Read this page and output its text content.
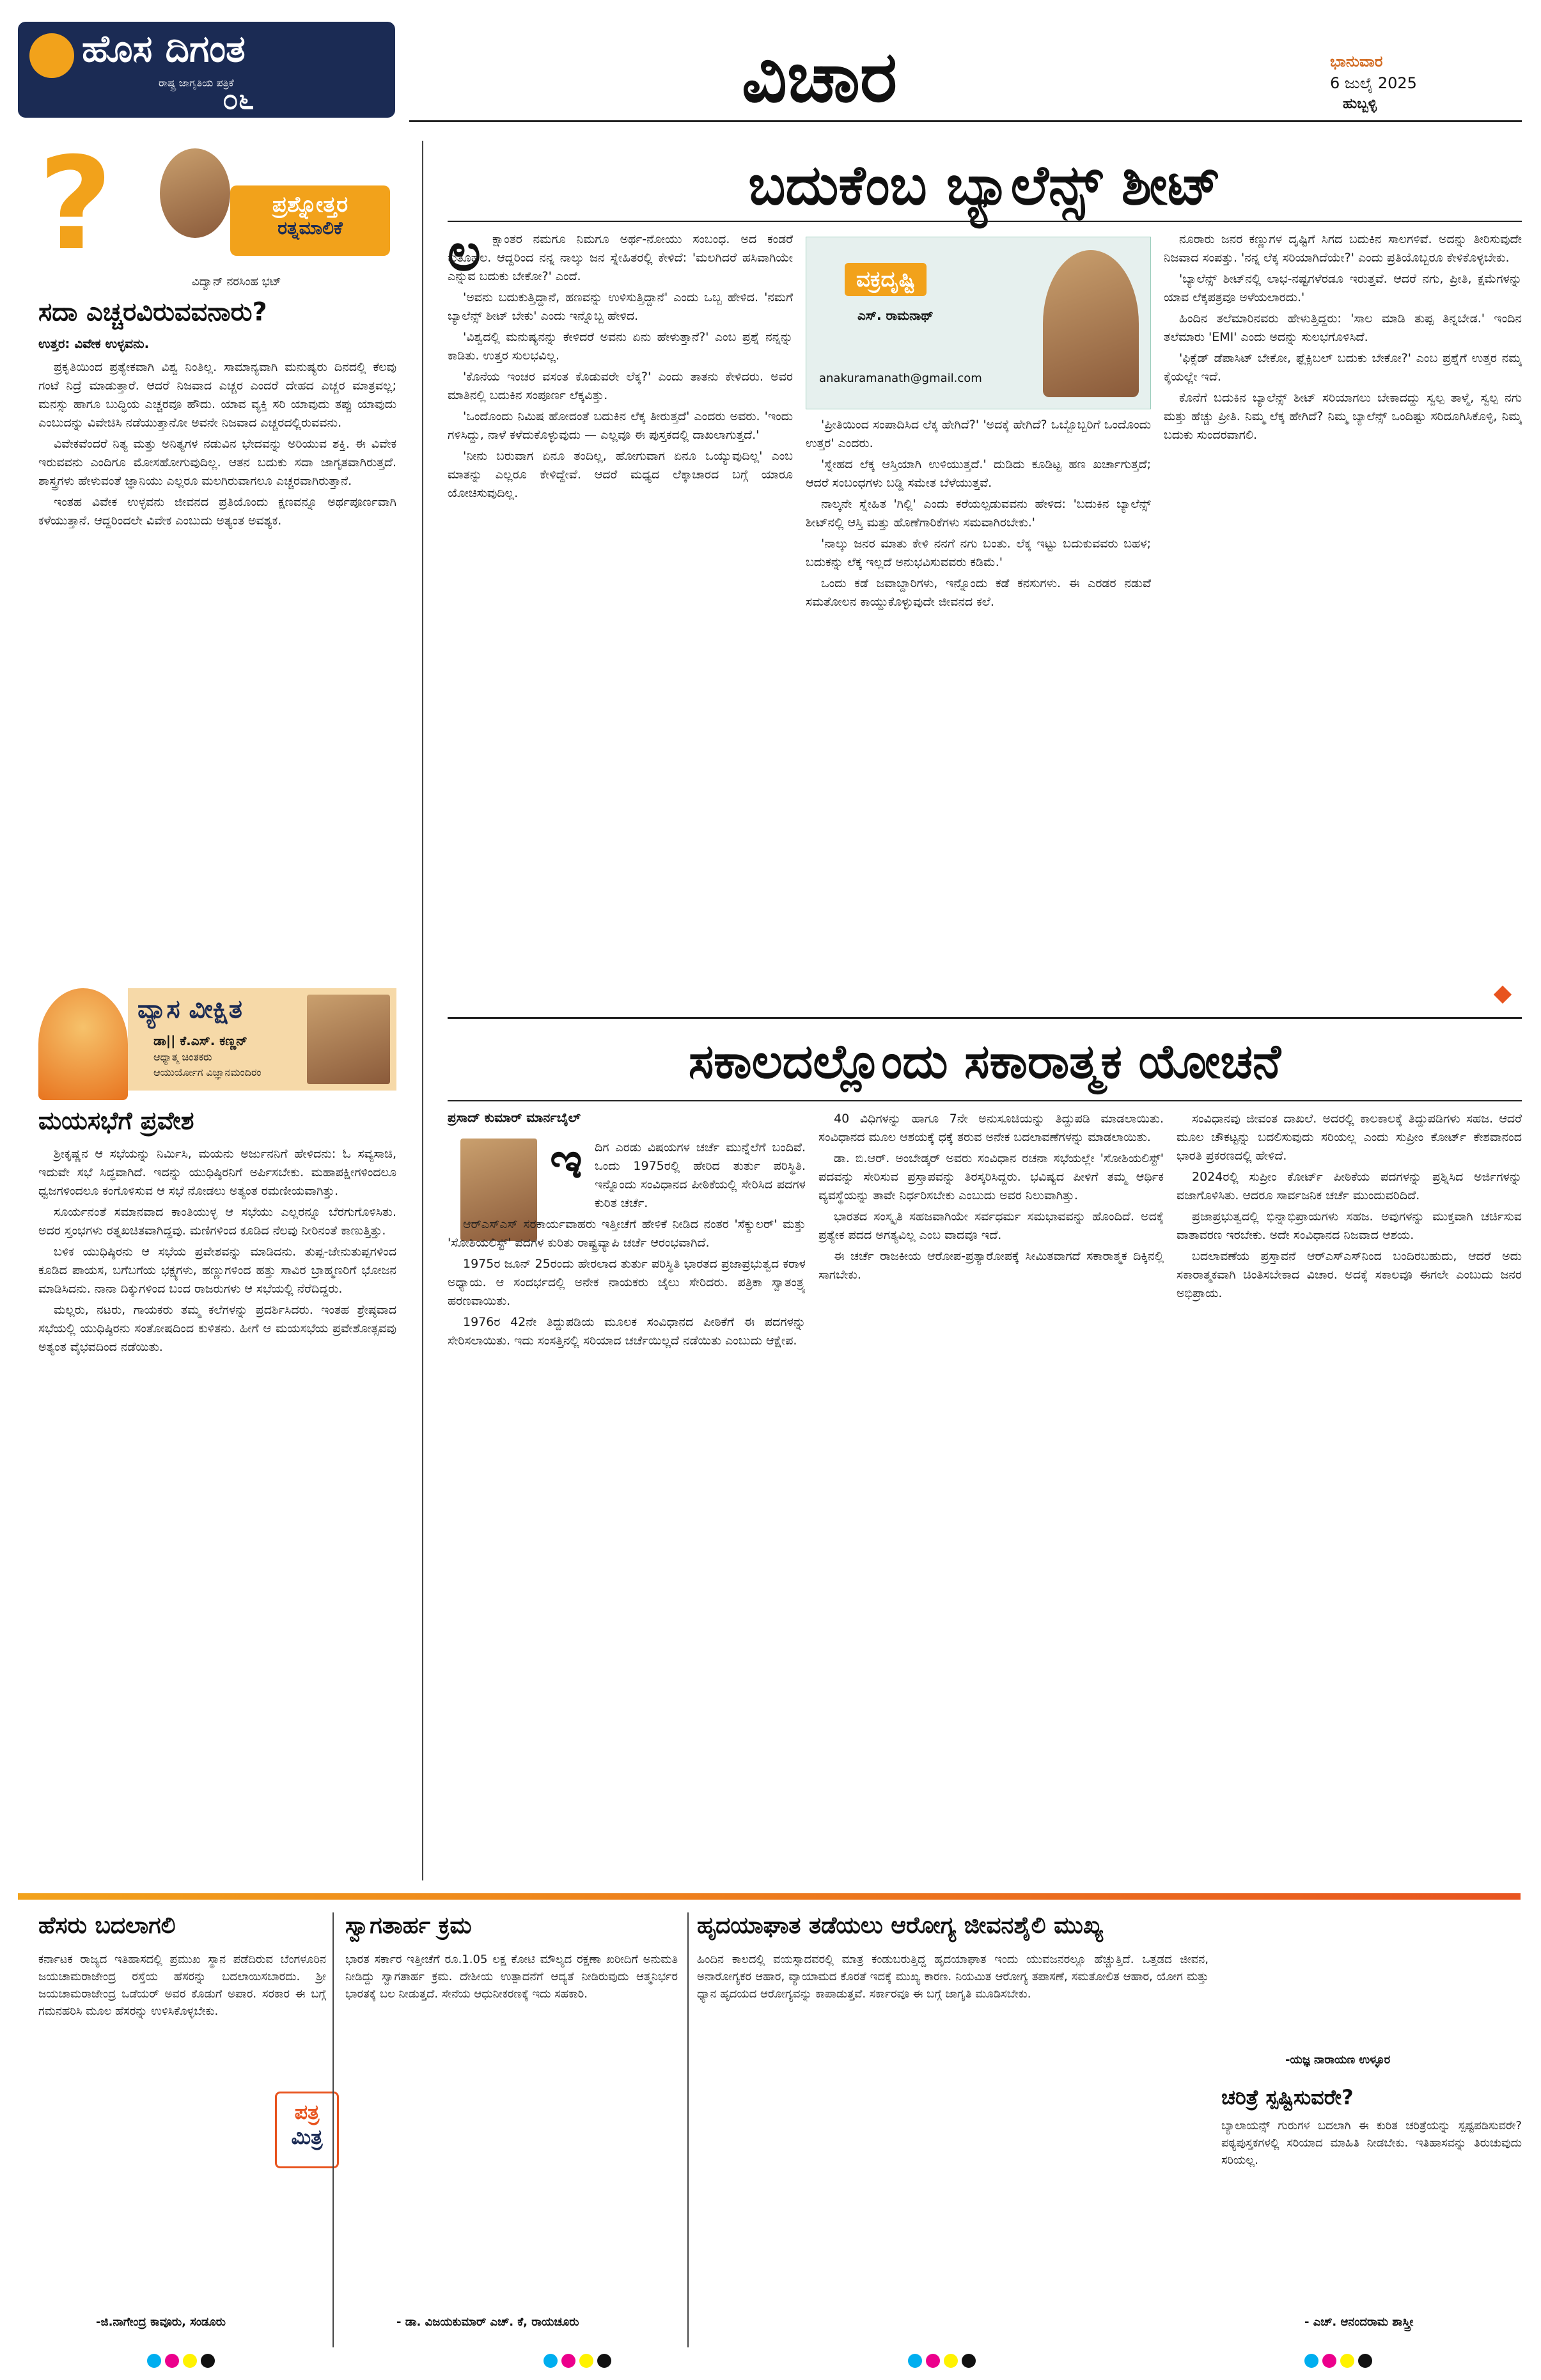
ಹೊಸ ದಿಗಂತ
ರಾಷ್ಟ್ರ ಜಾಗೃತಿಯ ಪತ್ರಿಕೆ
೦೬	ವಿಚಾರ	ಭಾನುವಾರ
6 ಜುಲೈ 2025
ಹುಬ್ಬಳ್ಳಿ
?	ಪ್ರಶ್ನೋತ್ತರ
ರತ್ನಮಾಲಿಕೆ
ವಿದ್ವಾನ್ ನರಸಿಂಹ ಭಟ್
ಸದಾ ಎಚ್ಚರವಿರುವವನಾರು?
ಉತ್ತರ: ವಿವೇಕ ಉಳ್ಳವನು.

ಪ್ರಕೃತಿಯಿಂದ ಪ್ರತ್ಯೇಕವಾಗಿ ವಿಶ್ವ ನಿಂತಿಲ್ಲ. ಸಾಮಾನ್ಯವಾಗಿ ಮನುಷ್ಯರು ದಿನದಲ್ಲಿ ಕೆಲವು ಗಂಟೆ ನಿದ್ರೆ ಮಾಡುತ್ತಾರೆ. ಆದರೆ ನಿಜವಾದ ಎಚ್ಚರ ಎಂದರೆ ದೇಹದ ಎಚ್ಚರ ಮಾತ್ರವಲ್ಲ; ಮನಸ್ಸು ಹಾಗೂ ಬುದ್ಧಿಯ ಎಚ್ಚರವೂ ಹೌದು. ಯಾವ ವ್ಯಕ್ತಿ ಸರಿ ಯಾವುದು ತಪ್ಪು ಯಾವುದು ಎಂಬುದನ್ನು ವಿವೇಚಿಸಿ ನಡೆಯುತ್ತಾನೋ ಅವನೇ ನಿಜವಾದ ಎಚ್ಚರದಲ್ಲಿರುವವನು.

ವಿವೇಕವೆಂದರೆ ನಿತ್ಯ ಮತ್ತು ಅನಿತ್ಯಗಳ ನಡುವಿನ ಭೇದವನ್ನು ಅರಿಯುವ ಶಕ್ತಿ. ಈ ವಿವೇಕ ಇರುವವನು ಎಂದಿಗೂ ಮೋಸಹೋಗುವುದಿಲ್ಲ. ಆತನ ಬದುಕು ಸದಾ ಜಾಗೃತವಾಗಿರುತ್ತದೆ. ಶಾಸ್ತ್ರಗಳು ಹೇಳುವಂತೆ ಜ್ಞಾನಿಯು ಎಲ್ಲರೂ ಮಲಗಿರುವಾಗಲೂ ಎಚ್ಚರವಾಗಿರುತ್ತಾನೆ.

ಇಂತಹ ವಿವೇಕ ಉಳ್ಳವನು ಜೀವನದ ಪ್ರತಿಯೊಂದು ಕ್ಷಣವನ್ನೂ ಅರ್ಥಪೂರ್ಣವಾಗಿ ಕಳೆಯುತ್ತಾನೆ. ಆದ್ದರಿಂದಲೇ ವಿವೇಕ ಎಂಬುದು ಅತ್ಯಂತ ಅವಶ್ಯಕ.

ವ್ಯಾಸ ವೀಕ್ಷಿತ
ಡಾ|| ಕೆ.ಎಸ್. ಕಣ್ಣನ್
ಆಧ್ಯಾತ್ಮ ಚಿಂತಕರು
ಆಯುರ್ಯೋಗ ವಿಜ್ಞಾನಮಂದಿರಂ
ಮಯಸಭೆಗೆ ಪ್ರವೇಶ

ಶ್ರೀಕೃಷ್ಣನ ಆ ಸಭೆಯನ್ನು ನಿರ್ಮಿಸಿ, ಮಯನು ಅರ್ಜುನನಿಗೆ ಹೇಳಿದನು: ಓ ಸವ್ಯಸಾಚಿ, ಇದುವೇ ಸಭೆ ಸಿದ್ಧವಾಗಿದೆ. ಇದನ್ನು ಯುಧಿಷ್ಠಿರನಿಗೆ ಅರ್ಪಿಸಬೇಕು. ಮಹಾಪಕ್ಷೀಗಳಿಂದಲೂ ಧ್ವಜಗಳಿಂದಲೂ ಕಂಗೊಳಿಸುವ ಆ ಸಭೆ ನೋಡಲು ಅತ್ಯಂತ ರಮಣೀಯವಾಗಿತ್ತು.

ಸೂರ್ಯನಂತೆ ಸಮಾನವಾದ ಕಾಂತಿಯುಳ್ಳ ಆ ಸಭೆಯು ಎಲ್ಲರನ್ನೂ ಬೆರಗುಗೊಳಿಸಿತು. ಅದರ ಸ್ತಂಭಗಳು ರತ್ನಖಚಿತವಾಗಿದ್ದವು. ಮಣಿಗಳಿಂದ ಕೂಡಿದ ನೆಲವು ನೀರಿನಂತೆ ಕಾಣುತ್ತಿತ್ತು.

ಬಳಿಕ ಯುಧಿಷ್ಠಿರನು ಆ ಸಭೆಯ ಪ್ರವೇಶವನ್ನು ಮಾಡಿದನು. ತುಪ್ಪ-ಜೇನುತುಪ್ಪಗಳಿಂದ ಕೂಡಿದ ಪಾಯಸ, ಬಗೆಬಗೆಯ ಭಕ್ಷ್ಯಗಳು, ಹಣ್ಣುಗಳಿಂದ ಹತ್ತು ಸಾವಿರ ಬ್ರಾಹ್ಮಣರಿಗೆ ಭೋಜನ ಮಾಡಿಸಿದನು. ನಾನಾ ದಿಕ್ಕುಗಳಿಂದ ಬಂದ ರಾಜರುಗಳು ಆ ಸಭೆಯಲ್ಲಿ ನೆರೆದಿದ್ದರು.

ಮಲ್ಲರು, ನಟರು, ಗಾಯಕರು ತಮ್ಮ ಕಲೆಗಳನ್ನು ಪ್ರದರ್ಶಿಸಿದರು. ಇಂತಹ ಶ್ರೇಷ್ಠವಾದ ಸಭೆಯಲ್ಲಿ ಯುಧಿಷ್ಠಿರನು ಸಂತೋಷದಿಂದ ಕುಳಿತನು. ಹೀಗೆ ಆ ಮಯಸಭೆಯ ಪ್ರವೇಶೋತ್ಸವವು ಅತ್ಯಂತ ವೈಭವದಿಂದ ನಡೆಯಿತು.

ಬದುಕೆಂಬ ಬ್ಯಾಲೆನ್ಸ್ ಶೀಟ್
ಲ ಕ್ಷಾಂತರ ನಮಗೂ ನಿಮಗೂ ಅರ್ಥ-ನೋಯು ಸಂಬಂಧ. ಅದ ಕಂಡರೆ ಕುತೂಹಲ. ಆದ್ದರಿಂದ ನನ್ನ ನಾಲ್ಕು ಜನ ಸ್ನೇಹಿತರಲ್ಲಿ ಕೇಳಿದೆ: 'ಮಲಗಿದರೆ ಹಸಿವಾಗಿಯೇ ಎನ್ನುವ ಬದುಕು ಬೇಕೋ?' ಎಂದೆ.

'ಅವನು ಬದುಕುತ್ತಿದ್ದಾನೆ, ಹಣವನ್ನು ಉಳಿಸುತ್ತಿದ್ದಾನೆ' ಎಂದು ಒಬ್ಬ ಹೇಳಿದ. 'ನಮಗೆ ಬ್ಯಾಲೆನ್ಸ್ ಶೀಟ್ ಬೇಕು' ಎಂದು ಇನ್ನೊಬ್ಬ ಹೇಳಿದ.

'ವಿಶ್ವದಲ್ಲಿ ಮನುಷ್ಯನನ್ನು ಕೇಳಿದರೆ ಅವನು ಏನು ಹೇಳುತ್ತಾನೆ?' ಎಂಬ ಪ್ರಶ್ನೆ ನನ್ನನ್ನು ಕಾಡಿತು. ಉತ್ತರ ಸುಲಭವಿಲ್ಲ.

'ಕೊನೆಯ ಇಂಚರ ವಸಂತ ಕೊಡುವರೇ ಲೆಕ್ಕ?' ಎಂದು ತಾತನು ಕೇಳಿದರು. ಅವರ ಮಾತಿನಲ್ಲಿ ಬದುಕಿನ ಸಂಪೂರ್ಣ ಲೆಕ್ಕವಿತ್ತು.

'ಒಂದೊಂದು ನಿಮಿಷ ಹೋದಂತೆ ಬದುಕಿನ ಲೆಕ್ಕ ತೀರುತ್ತದೆ' ಎಂದರು ಅವರು. 'ಇಂದು ಗಳಿಸಿದ್ದು, ನಾಳೆ ಕಳೆದುಕೊಳ್ಳುವುದು — ಎಲ್ಲವೂ ಈ ಪುಸ್ತಕದಲ್ಲಿ ದಾಖಲಾಗುತ್ತದೆ.'

'ನೀನು ಬರುವಾಗ ಏನೂ ತಂದಿಲ್ಲ, ಹೋಗುವಾಗ ಏನೂ ಒಯ್ಯುವುದಿಲ್ಲ' ಎಂಬ ಮಾತನ್ನು ಎಲ್ಲರೂ ಕೇಳಿದ್ದೇವೆ. ಆದರೆ ಮಧ್ಯದ ಲೆಕ್ಕಾಚಾರದ ಬಗ್ಗೆ ಯಾರೂ ಯೋಚಿಸುವುದಿಲ್ಲ.

ವಕ್ರದೃಷ್ಟಿ
ಎಸ್. ರಾಮನಾಥ್
anakuramanath@gmail.com

'ಪ್ರೀತಿಯಿಂದ ಸಂಪಾದಿಸಿದ ಲೆಕ್ಕ ಹೇಗಿದೆ?' 'ಅದಕ್ಕೆ ಹೇಗಿದೆ? ಒಬ್ಬೊಬ್ಬರಿಗೆ ಒಂದೊಂದು ಉತ್ತರ' ಎಂದರು.

'ಸ್ನೇಹದ ಲೆಕ್ಕ ಆಸ್ತಿಯಾಗಿ ಉಳಿಯುತ್ತದೆ.' ದುಡಿದು ಕೂಡಿಟ್ಟ ಹಣ ಖರ್ಚಾಗುತ್ತದೆ; ಆದರೆ ಸಂಬಂಧಗಳು ಬಡ್ಡಿ ಸಮೇತ ಬೆಳೆಯುತ್ತವೆ.

ನಾಲ್ಕನೇ ಸ್ನೇಹಿತ 'ಗಿಲ್ಲಿ' ಎಂದು ಕರೆಯಲ್ಪಡುವವನು ಹೇಳಿದ: 'ಬದುಕಿನ ಬ್ಯಾಲೆನ್ಸ್ ಶೀಟ್‌ನಲ್ಲಿ ಆಸ್ತಿ ಮತ್ತು ಹೊಣೆಗಾರಿಕೆಗಳು ಸಮವಾಗಿರಬೇಕು.'

'ನಾಲ್ಕು ಜನರ ಮಾತು ಕೇಳಿ ನನಗೆ ನಗು ಬಂತು. ಲೆಕ್ಕ ಇಟ್ಟು ಬದುಕುವವರು ಬಹಳ; ಬದುಕನ್ನು ಲೆಕ್ಕ ಇಲ್ಲದೆ ಅನುಭವಿಸುವವರು ಕಡಿಮೆ.'

ಒಂದು ಕಡೆ ಜವಾಬ್ದಾರಿಗಳು, ಇನ್ನೊಂದು ಕಡೆ ಕನಸುಗಳು. ಈ ಎರಡರ ನಡುವೆ ಸಮತೋಲನ ಕಾಯ್ದುಕೊಳ್ಳುವುದೇ ಜೀವನದ ಕಲೆ.

ನೂರಾರು ಜನರ ಕಣ್ಣುಗಳ ದೃಷ್ಟಿಗೆ ಸಿಗದ ಬದುಕಿನ ಸಾಲಗಳಿವೆ. ಅದನ್ನು ತೀರಿಸುವುದೇ ನಿಜವಾದ ಸಂಪತ್ತು. 'ನನ್ನ ಲೆಕ್ಕ ಸರಿಯಾಗಿದೆಯೇ?' ಎಂದು ಪ್ರತಿಯೊಬ್ಬರೂ ಕೇಳಿಕೊಳ್ಳಬೇಕು.

'ಬ್ಯಾಲೆನ್ಸ್ ಶೀಟ್‌ನಲ್ಲಿ ಲಾಭ-ನಷ್ಟಗಳೆರಡೂ ಇರುತ್ತವೆ. ಆದರೆ ನಗು, ಪ್ರೀತಿ, ಕ್ಷಮೆಗಳನ್ನು ಯಾವ ಲೆಕ್ಕಪತ್ರವೂ ಅಳೆಯಲಾರದು.'

ಹಿಂದಿನ ತಲೆಮಾರಿನವರು ಹೇಳುತ್ತಿದ್ದರು: 'ಸಾಲ ಮಾಡಿ ತುಪ್ಪ ತಿನ್ನಬೇಡ.' ಇಂದಿನ ತಲೆಮಾರು 'EMI' ಎಂದು ಅದನ್ನು ಸುಲಭಗೊಳಿಸಿದೆ.

'ಫಿಕ್ಸೆಡ್ ಡೆಪಾಸಿಟ್ ಬೇಕೋ, ಫ್ಲೆಕ್ಸಿಬಲ್ ಬದುಕು ಬೇಕೋ?' ಎಂಬ ಪ್ರಶ್ನೆಗೆ ಉತ್ತರ ನಮ್ಮ ಕೈಯಲ್ಲೇ ಇದೆ.

ಕೊನೆಗೆ ಬದುಕಿನ ಬ್ಯಾಲೆನ್ಸ್ ಶೀಟ್ ಸರಿಯಾಗಲು ಬೇಕಾದದ್ದು ಸ್ವಲ್ಪ ತಾಳ್ಮೆ, ಸ್ವಲ್ಪ ನಗು ಮತ್ತು ಹೆಚ್ಚು ಪ್ರೀತಿ. ನಿಮ್ಮ ಲೆಕ್ಕ ಹೇಗಿದೆ? ನಿಮ್ಮ ಬ್ಯಾಲೆನ್ಸ್ ಒಂದಿಷ್ಟು ಸರಿದೂಗಿಸಿಕೊಳ್ಳಿ, ನಿಮ್ಮ ಬದುಕು ಸುಂದರವಾಗಲಿ.

ಸಕಾಲದಲ್ಲೊಂದು ಸಕಾರಾತ್ಮಕ ಯೋಚನೆ
ಪ್ರಸಾದ್ ಕುಮಾರ್ ಮಾರ್ನಬೈಲ್
ಇ ದಿಗ ಎರಡು ವಿಷಯಗಳ ಚರ್ಚೆ ಮುನ್ನೆಲೆಗೆ ಬಂದಿವೆ. ಒಂದು 1975ರಲ್ಲಿ ಹೇರಿದ ತುರ್ತು ಪರಿಸ್ಥಿತಿ. ಇನ್ನೊಂದು ಸಂವಿಧಾನದ ಪೀಠಿಕೆಯಲ್ಲಿ ಸೇರಿಸಿದ ಪದಗಳ ಕುರಿತ ಚರ್ಚೆ.

ಆರ್‌ಎಸ್‌ಎಸ್ ಸರಕಾರ್ಯವಾಹರು ಇತ್ತೀಚೆಗೆ ಹೇಳಿಕೆ ನೀಡಿದ ನಂತರ 'ಸೆಕ್ಯುಲರ್' ಮತ್ತು 'ಸೋಶಿಯಲಿಸ್ಟ್' ಪದಗಳ ಕುರಿತು ರಾಷ್ಟ್ರವ್ಯಾಪಿ ಚರ್ಚೆ ಆರಂಭವಾಗಿದೆ.

1975ರ ಜೂನ್ 25ರಂದು ಹೇರಲಾದ ತುರ್ತು ಪರಿಸ್ಥಿತಿ ಭಾರತದ ಪ್ರಜಾಪ್ರಭುತ್ವದ ಕರಾಳ ಅಧ್ಯಾಯ. ಆ ಸಂದರ್ಭದಲ್ಲಿ ಅನೇಕ ನಾಯಕರು ಜೈಲು ಸೇರಿದರು. ಪತ್ರಿಕಾ ಸ್ವಾತಂತ್ರ್ಯ ಹರಣವಾಯಿತು.

1976ರ 42ನೇ ತಿದ್ದುಪಡಿಯ ಮೂಲಕ ಸಂವಿಧಾನದ ಪೀಠಿಕೆಗೆ ಈ ಪದಗಳನ್ನು ಸೇರಿಸಲಾಯಿತು. ಇದು ಸಂಸತ್ತಿನಲ್ಲಿ ಸರಿಯಾದ ಚರ್ಚೆಯಿಲ್ಲದೆ ನಡೆಯಿತು ಎಂಬುದು ಆಕ್ಷೇಪ.

40 ವಿಧಿಗಳನ್ನು ಹಾಗೂ 7ನೇ ಅನುಸೂಚಿಯನ್ನು ತಿದ್ದುಪಡಿ ಮಾಡಲಾಯಿತು. ಸಂವಿಧಾನದ ಮೂಲ ಆಶಯಕ್ಕೆ ಧಕ್ಕೆ ತರುವ ಅನೇಕ ಬದಲಾವಣೆಗಳನ್ನು ಮಾಡಲಾಯಿತು.

ಡಾ. ಬಿ.ಆರ್. ಅಂಬೇಡ್ಕರ್ ಅವರು ಸಂವಿಧಾನ ರಚನಾ ಸಭೆಯಲ್ಲೇ 'ಸೋಶಿಯಲಿಸ್ಟ್' ಪದವನ್ನು ಸೇರಿಸುವ ಪ್ರಸ್ತಾಪವನ್ನು ತಿರಸ್ಕರಿಸಿದ್ದರು. ಭವಿಷ್ಯದ ಪೀಳಿಗೆ ತಮ್ಮ ಆರ್ಥಿಕ ವ್ಯವಸ್ಥೆಯನ್ನು ತಾವೇ ನಿರ್ಧರಿಸಬೇಕು ಎಂಬುದು ಅವರ ನಿಲುವಾಗಿತ್ತು.

ಭಾರತದ ಸಂಸ್ಕೃತಿ ಸಹಜವಾಗಿಯೇ ಸರ್ವಧರ್ಮ ಸಮಭಾವವನ್ನು ಹೊಂದಿದೆ. ಅದಕ್ಕೆ ಪ್ರತ್ಯೇಕ ಪದದ ಅಗತ್ಯವಿಲ್ಲ ಎಂಬ ವಾದವೂ ಇದೆ.

ಈ ಚರ್ಚೆ ರಾಜಕೀಯ ಆರೋಪ-ಪ್ರತ್ಯಾರೋಪಕ್ಕೆ ಸೀಮಿತವಾಗದೆ ಸಕಾರಾತ್ಮಕ ದಿಕ್ಕಿನಲ್ಲಿ ಸಾಗಬೇಕು.

ಸಂವಿಧಾನವು ಜೀವಂತ ದಾಖಲೆ. ಅದರಲ್ಲಿ ಕಾಲಕಾಲಕ್ಕೆ ತಿದ್ದುಪಡಿಗಳು ಸಹಜ. ಆದರೆ ಮೂಲ ಚೌಕಟ್ಟನ್ನು ಬದಲಿಸುವುದು ಸರಿಯಲ್ಲ ಎಂದು ಸುಪ್ರೀಂ ಕೋರ್ಟ್ ಕೇಶವಾನಂದ ಭಾರತಿ ಪ್ರಕರಣದಲ್ಲಿ ಹೇಳಿದೆ.

2024ರಲ್ಲಿ ಸುಪ್ರೀಂ ಕೋರ್ಟ್ ಪೀಠಿಕೆಯ ಪದಗಳನ್ನು ಪ್ರಶ್ನಿಸಿದ ಅರ್ಜಿಗಳನ್ನು ವಜಾಗೊಳಿಸಿತು. ಆದರೂ ಸಾರ್ವಜನಿಕ ಚರ್ಚೆ ಮುಂದುವರಿದಿದೆ.

ಪ್ರಜಾಪ್ರಭುತ್ವದಲ್ಲಿ ಭಿನ್ನಾಭಿಪ್ರಾಯಗಳು ಸಹಜ. ಅವುಗಳನ್ನು ಮುಕ್ತವಾಗಿ ಚರ್ಚಿಸುವ ವಾತಾವರಣ ಇರಬೇಕು. ಅದೇ ಸಂವಿಧಾನದ ನಿಜವಾದ ಆಶಯ.

ಬದಲಾವಣೆಯ ಪ್ರಸ್ತಾವನೆ ಆರ್‌ಎಸ್‌ಎಸ್‌ನಿಂದ ಬಂದಿರಬಹುದು, ಆದರೆ ಅದು ಸಕಾರಾತ್ಮಕವಾಗಿ ಚಿಂತಿಸಬೇಕಾದ ವಿಚಾರ. ಅದಕ್ಕೆ ಸಕಾಲವೂ ಈಗಲೇ ಎಂಬುದು ಜನರ ಅಭಿಪ್ರಾಯ.

ಹೆಸರು ಬದಲಾಗಲಿ
ಕರ್ನಾಟಕ ರಾಜ್ಯದ ಇತಿಹಾಸದಲ್ಲಿ ಪ್ರಮುಖ ಸ್ಥಾನ ಪಡೆದಿರುವ ಬೆಂಗಳೂರಿನ ಜಯಚಾಮರಾಜೇಂದ್ರ ರಸ್ತೆಯ ಹೆಸರನ್ನು ಬದಲಾಯಿಸಬಾರದು. ಶ್ರೀ ಜಯಚಾಮರಾಜೇಂದ್ರ ಒಡೆಯರ್ ಅವರ ಕೊಡುಗೆ ಅಪಾರ. ಸರಕಾರ ಈ ಬಗ್ಗೆ ಗಮನಹರಿಸಿ ಮೂಲ ಹೆಸರನ್ನು ಉಳಿಸಿಕೊಳ್ಳಬೇಕು.
-ಜಿ.ನಾಗೇಂದ್ರ ಕಾವೂರು, ಸಂಡೂರು
ಪತ್ರ
ಮಿತ್ರ
ಸ್ವಾಗತಾರ್ಹ ಕ್ರಮ
ಭಾರತ ಸರ್ಕಾರ ಇತ್ತೀಚೆಗೆ ರೂ.1.05 ಲಕ್ಷ ಕೋಟಿ ಮೌಲ್ಯದ ರಕ್ಷಣಾ ಖರೀದಿಗೆ ಅನುಮತಿ ನೀಡಿದ್ದು ಸ್ವಾಗತಾರ್ಹ ಕ್ರಮ. ದೇಶೀಯ ಉತ್ಪಾದನೆಗೆ ಆದ್ಯತೆ ನೀಡಿರುವುದು ಆತ್ಮನಿರ್ಭರ ಭಾರತಕ್ಕೆ ಬಲ ನೀಡುತ್ತದೆ. ಸೇನೆಯ ಆಧುನೀಕರಣಕ್ಕೆ ಇದು ಸಹಕಾರಿ.
- ಡಾ. ವಿಜಯಕುಮಾರ್ ಎಚ್. ಕೆ, ರಾಯಚೂರು
ಹೃದಯಾಘಾತ ತಡೆಯಲು ಆರೋಗ್ಯ ಜೀವನಶೈಲಿ ಮುಖ್ಯ
ಹಿಂದಿನ ಕಾಲದಲ್ಲಿ ವಯಸ್ಸಾದವರಲ್ಲಿ ಮಾತ್ರ ಕಂಡುಬರುತ್ತಿದ್ದ ಹೃದಯಾಘಾತ ಇಂದು ಯುವಜನರಲ್ಲೂ ಹೆಚ್ಚುತ್ತಿದೆ. ಒತ್ತಡದ ಜೀವನ, ಅನಾರೋಗ್ಯಕರ ಆಹಾರ, ವ್ಯಾಯಾಮದ ಕೊರತೆ ಇದಕ್ಕೆ ಮುಖ್ಯ ಕಾರಣ. ನಿಯಮಿತ ಆರೋಗ್ಯ ತಪಾಸಣೆ, ಸಮತೋಲಿತ ಆಹಾರ, ಯೋಗ ಮತ್ತು ಧ್ಯಾನ ಹೃದಯದ ಆರೋಗ್ಯವನ್ನು ಕಾಪಾಡುತ್ತವೆ. ಸರ್ಕಾರವೂ ಈ ಬಗ್ಗೆ ಜಾಗೃತಿ ಮೂಡಿಸಬೇಕು.
-ಯಜ್ಞ ನಾರಾಯಣ ಉಳ್ಳೂರ
ಚರಿತ್ರೆ ಸ್ಪಷ್ಟಿಸುವರೇ?
ಬ್ಯಾಲಾಯನ್ಸ್ ಗುರುಗಳ ಬದಲಾಗಿ ಈ ಕುರಿತ ಚರಿತ್ರೆಯನ್ನು ಸ್ಪಷ್ಟಪಡಿಸುವರೇ? ಪಠ್ಯಪುಸ್ತಕಗಳಲ್ಲಿ ಸರಿಯಾದ ಮಾಹಿತಿ ನೀಡಬೇಕು. ಇತಿಹಾಸವನ್ನು ತಿರುಚುವುದು ಸರಿಯಲ್ಲ.
- ಎಚ್. ಆನಂದರಾಮ ಶಾಸ್ತ್ರೀ
